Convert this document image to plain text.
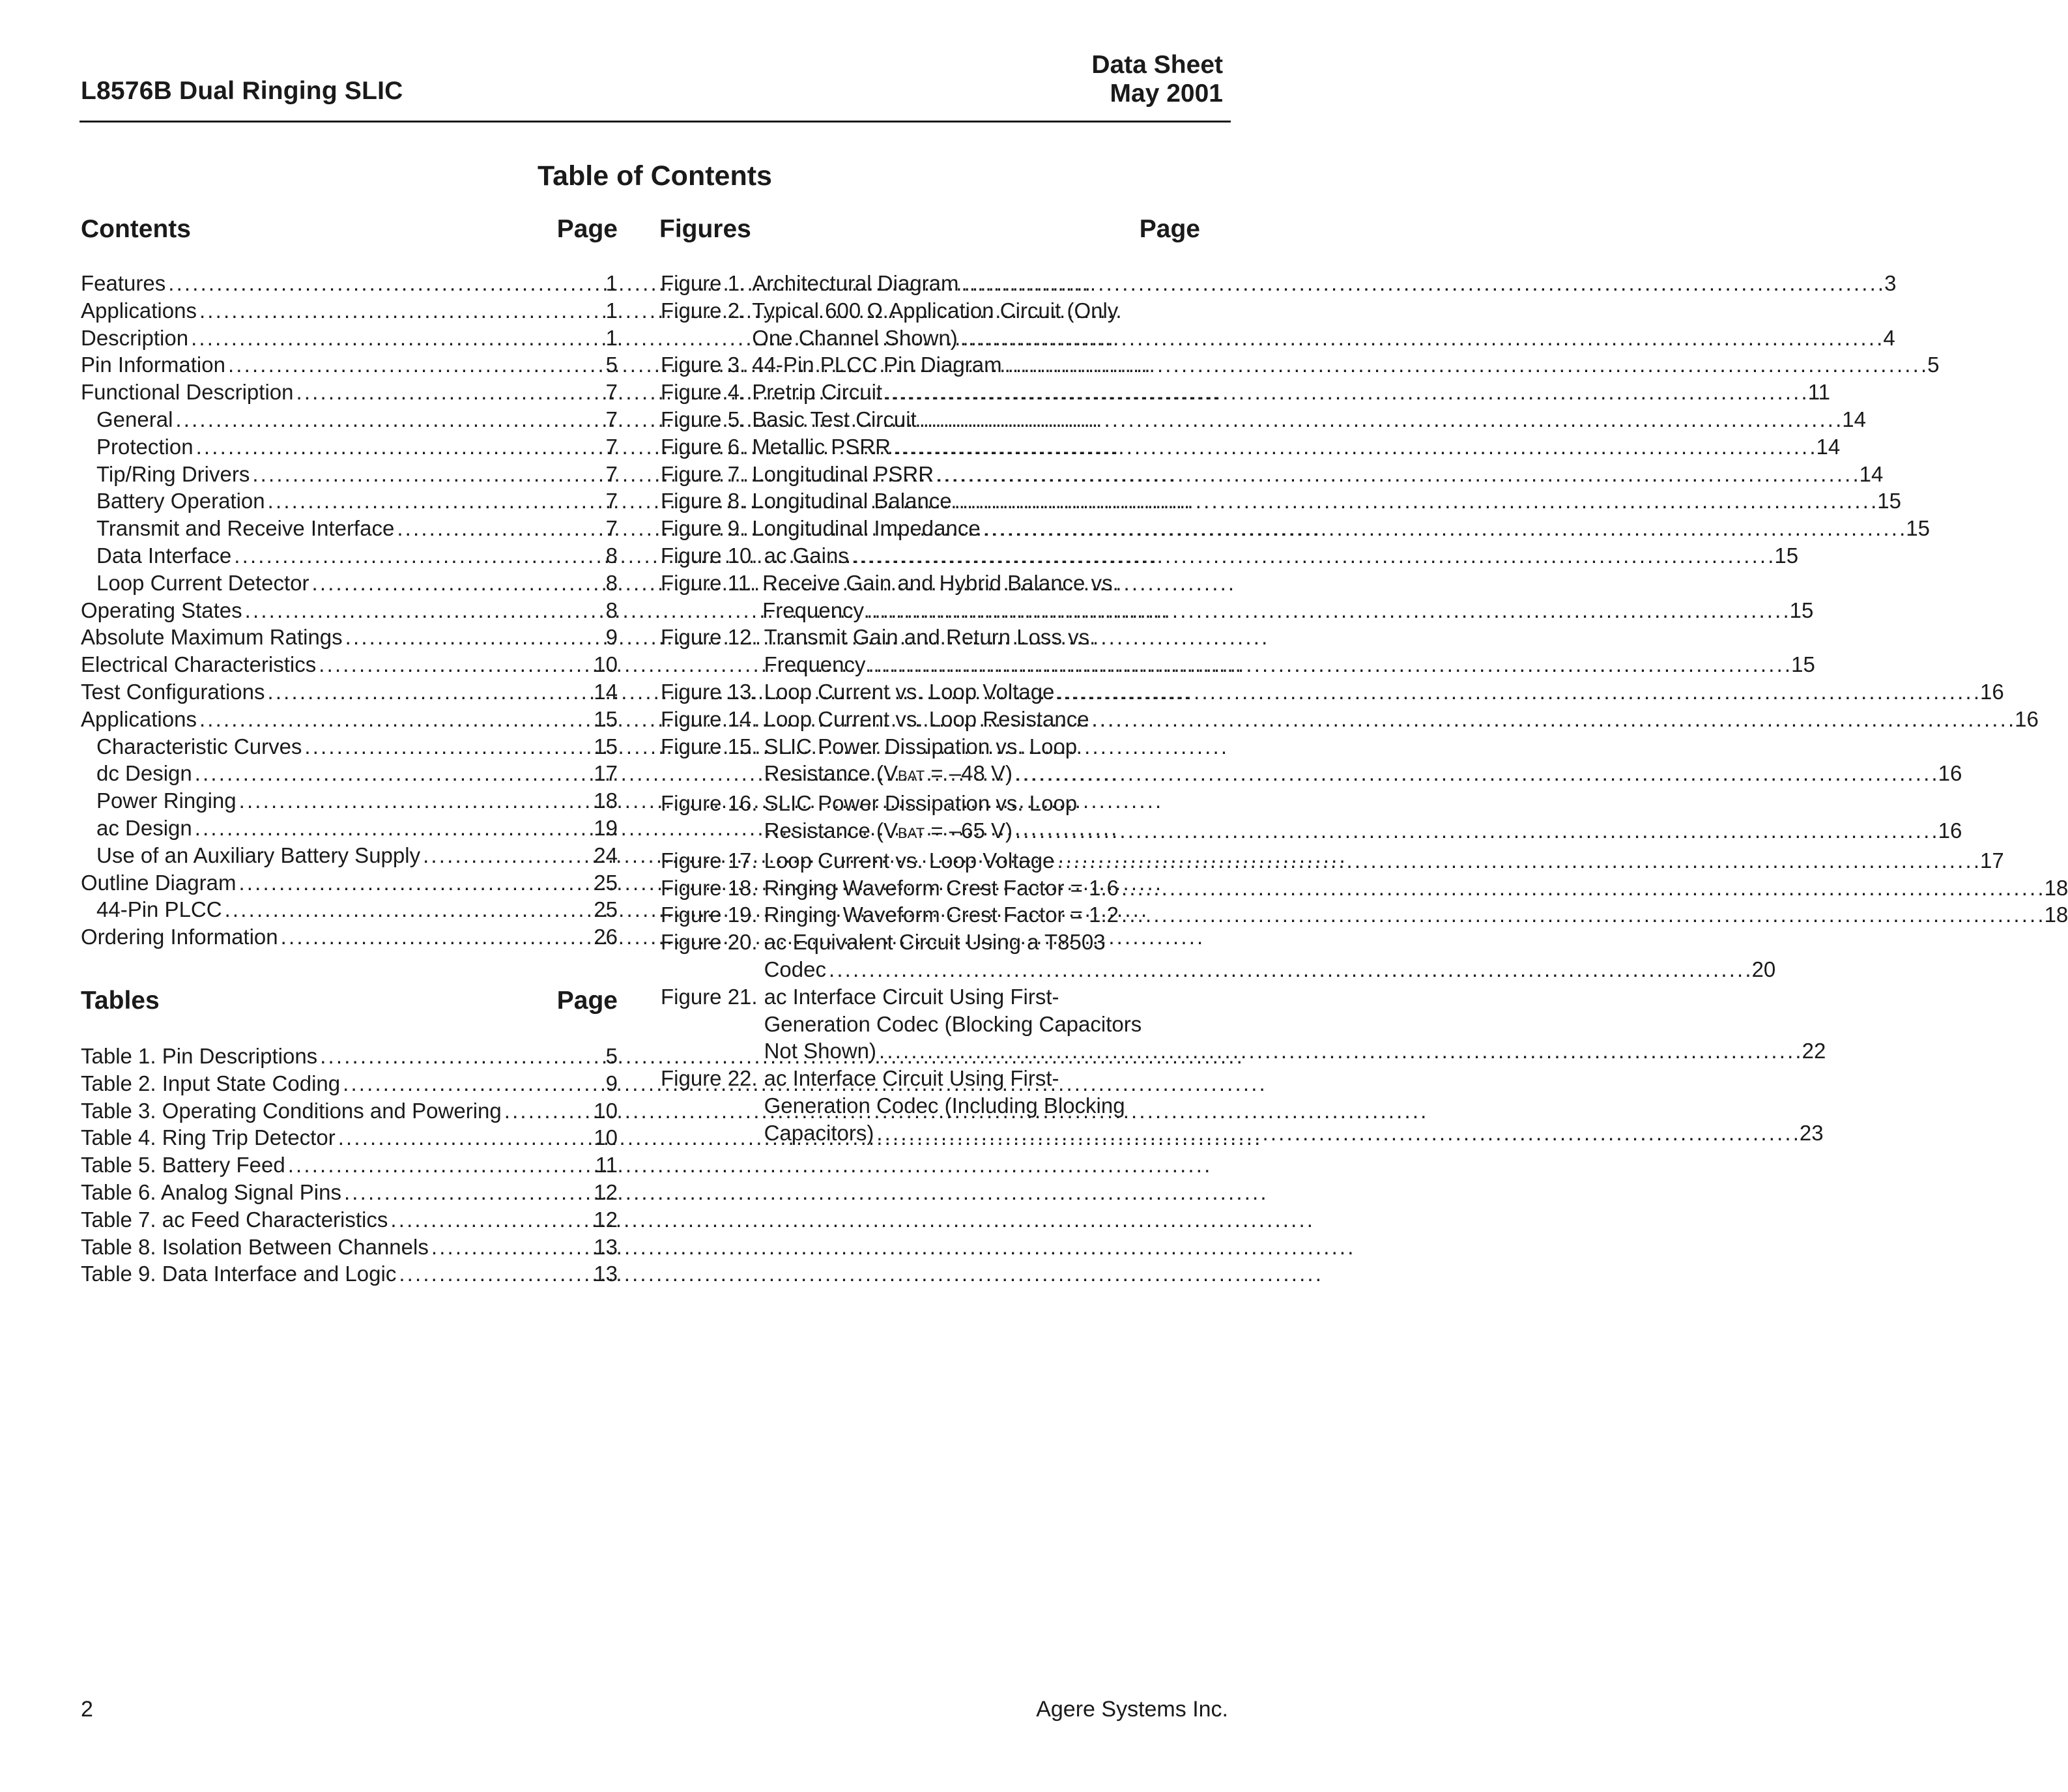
L8576B Dual Ringing SLIC
Data Sheet
May 2001
Table of Contents
Contents	Page
Features . . .	1
Applications . . .	1
Description . . .	1
Pin Information . . .	5
Functional Description . . .	7
General . . .	7
Protection . . .	7
Tip/Ring Drivers . . .	7
Battery Operation . . .	7
Transmit and Receive Interface . . .	7
Data Interface . . .	8
Loop Current Detector . . .	8
Operating States . . .	8
Absolute Maximum Ratings . . .	9
Electrical Characteristics . . .	10
Test Configurations . . .	14
Applications . . .	15
Characteristic Curves . . .	15
dc Design . . .	17
Power Ringing . . .	18
ac Design . . .	19
Use of an Auxiliary Battery Supply . . .	24
Outline Diagram . . .	25
44-Pin PLCC . . .	25
Ordering Information . . .	26
Tables	Page
Table 1. Pin Descriptions . . .	5
Table 2. Input State Coding . . .	9
Table 3. Operating Conditions and Powering . . .	10
Table 4. Ring Trip Detector . . .	10
Table 5. Battery Feed . . .	11
Table 6. Analog Signal Pins . . .	12
Table 7. ac Feed Characteristics . . .	12
Table 8. Isolation Between Channels . . .	13
Table 9. Data Interface and Logic . . .	13
Figures	Page
Figure 1. Architectural Diagram . . .	3
Figure 2. Typical 600 Ω Application Circuit (Only
One Channel Shown) . . .	4
Figure 3. 44-Pin PLCC Pin Diagram . . .	5
Figure 4. Pretrip Circuit . . .	11
Figure 5. Basic Test Circuit . . .	14
Figure 6. Metallic PSRR . . .	14
Figure 7. Longitudinal PSRR . . .	14
Figure 8. Longitudinal Balance . . .	15
Figure 9. Longitudinal Impedance . . .	15
Figure 10. ac Gains . . .	15
Figure 11. Receive Gain and Hybrid Balance vs.
Frequency . . .	15
Figure 12. Transmit Gain and Return Loss vs.
Frequency . . .	15
Figure 13. Loop Current vs. Loop Voltage . . .	16
Figure 14. Loop Current vs. Loop Resistance . . .	16
Figure 15. SLIC Power Dissipation vs. Loop
Resistance (VBAT = –48 V) . . .	16
Figure 16. SLIC Power Dissipation vs. Loop
Resistance (VBAT = –65 V) . . .	16
Figure 17. Loop Current vs. Loop Voltage . . .	17
Figure 18. Ringing Waveform Crest Factor = 1.6 . . .	18
Figure 19. Ringing Waveform Crest Factor = 1.2 . . .	18
Figure 20. ac Equivalent Circuit Using a T8503
Codec . . .	20
Figure 21. ac Interface Circuit Using First-
Generation Codec (Blocking Capacitors
Not Shown) . . .	22
Figure 22. ac Interface Circuit Using First-
Generation Codec (Including Blocking
Capacitors) . . .	23
2	Agere Systems Inc.
